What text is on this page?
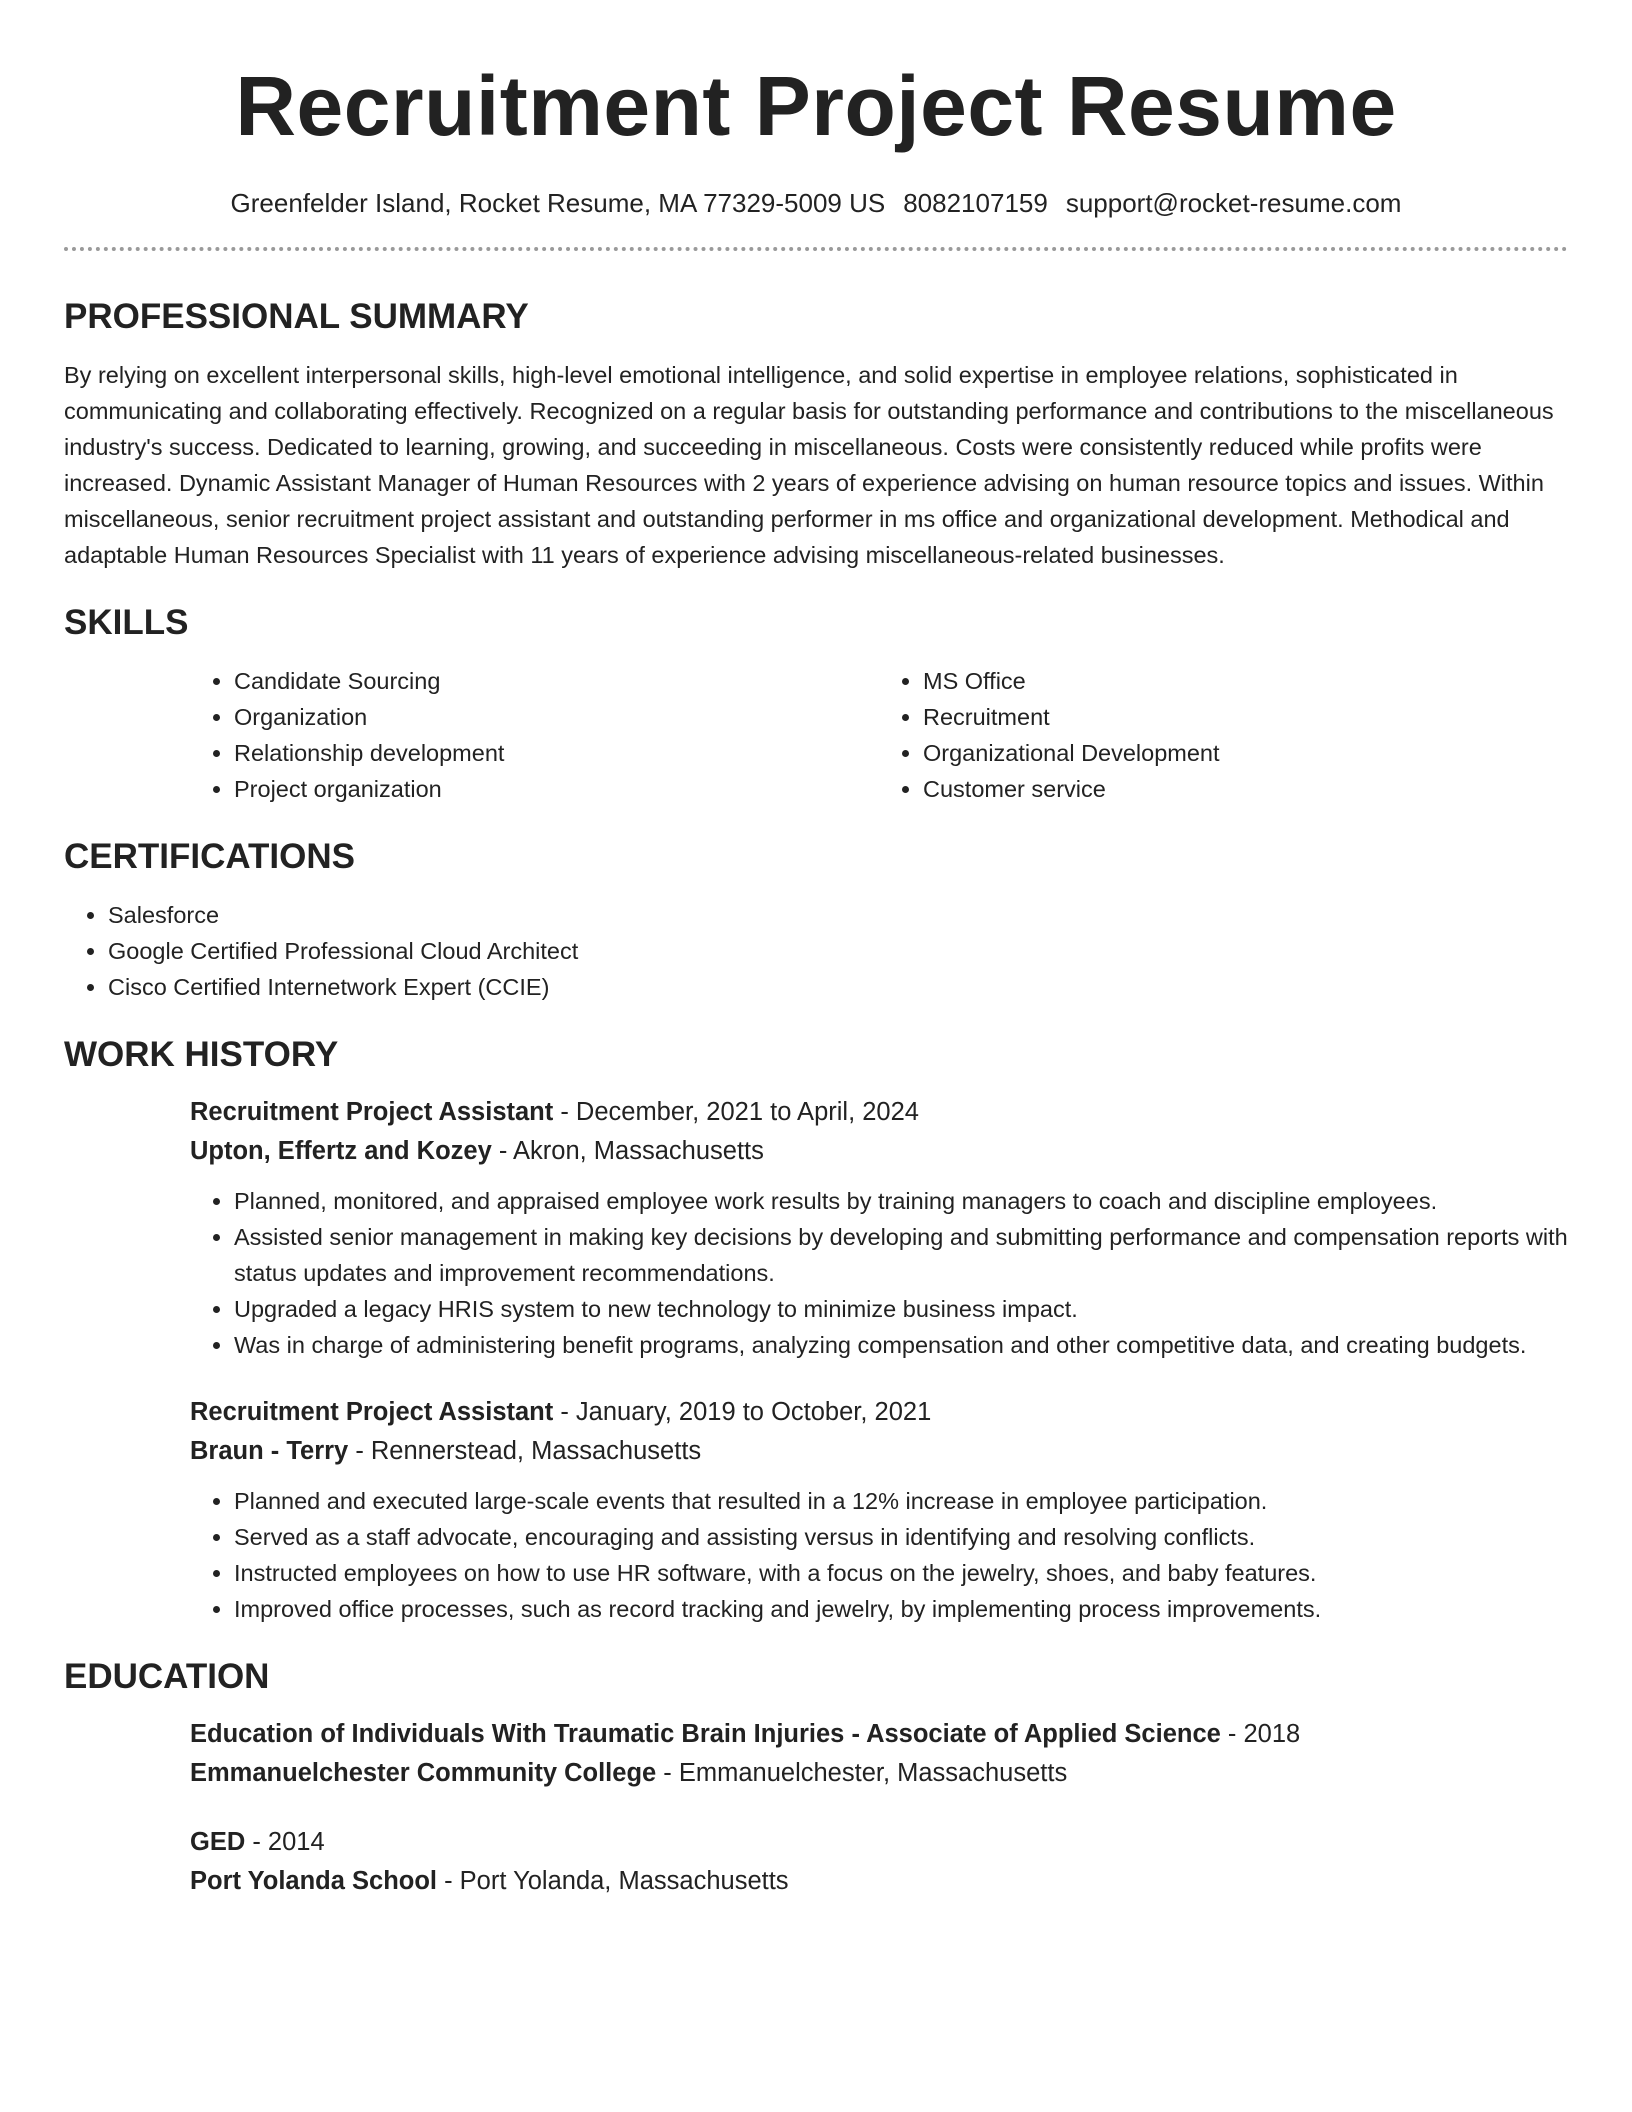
Recruitment Project Resume
Greenfelder Island, Rocket Resume, MA 77329-5009 US 8082107159 support@rocket-resume.com
PROFESSIONAL SUMMARY

By relying on excellent interpersonal skills, high-level emotional intelligence, and solid expertise in employee relations, sophisticated in communicating and collaborating effectively. Recognized on a regular basis for outstanding performance and contributions to the miscellaneous industry's success. Dedicated to learning, growing, and succeeding in miscellaneous. Costs were consistently reduced while profits were increased. Dynamic Assistant Manager of Human Resources with 2 years of experience advising on human resource topics and issues. Within miscellaneous, senior recruitment project assistant and outstanding performer in ms office and organizational development. Methodical and adaptable Human Resources Specialist with 11 years of experience advising miscellaneous-related businesses.

SKILLS
• Candidate Sourcing
• Organization
• Relationship development
• Project organization
• MS Office
• Recruitment
• Organizational Development
• Customer service
CERTIFICATIONS
• Salesforce
• Google Certified Professional Cloud Architect
• Cisco Certified Internetwork Expert (CCIE)
WORK HISTORY
Recruitment Project Assistant - December, 2021 to April, 2024
Upton, Effertz and Kozey - Akron, Massachusetts
• Planned, monitored, and appraised employee work results by training managers to coach and discipline employees.
• Assisted senior management in making key decisions by developing and submitting performance and compensation reports with status updates and improvement recommendations.
• Upgraded a legacy HRIS system to new technology to minimize business impact.
• Was in charge of administering benefit programs, analyzing compensation and other competitive data, and creating budgets.
Recruitment Project Assistant - January, 2019 to October, 2021
Braun - Terry - Rennerstead, Massachusetts
• Planned and executed large-scale events that resulted in a 12% increase in employee participation.
• Served as a staff advocate, encouraging and assisting versus in identifying and resolving conflicts.
• Instructed employees on how to use HR software, with a focus on the jewelry, shoes, and baby features.
• Improved office processes, such as record tracking and jewelry, by implementing process improvements.
EDUCATION
Education of Individuals With Traumatic Brain Injuries - Associate of Applied Science - 2018
Emmanuelchester Community College - Emmanuelchester, Massachusetts
GED - 2014
Port Yolanda School - Port Yolanda, Massachusetts
